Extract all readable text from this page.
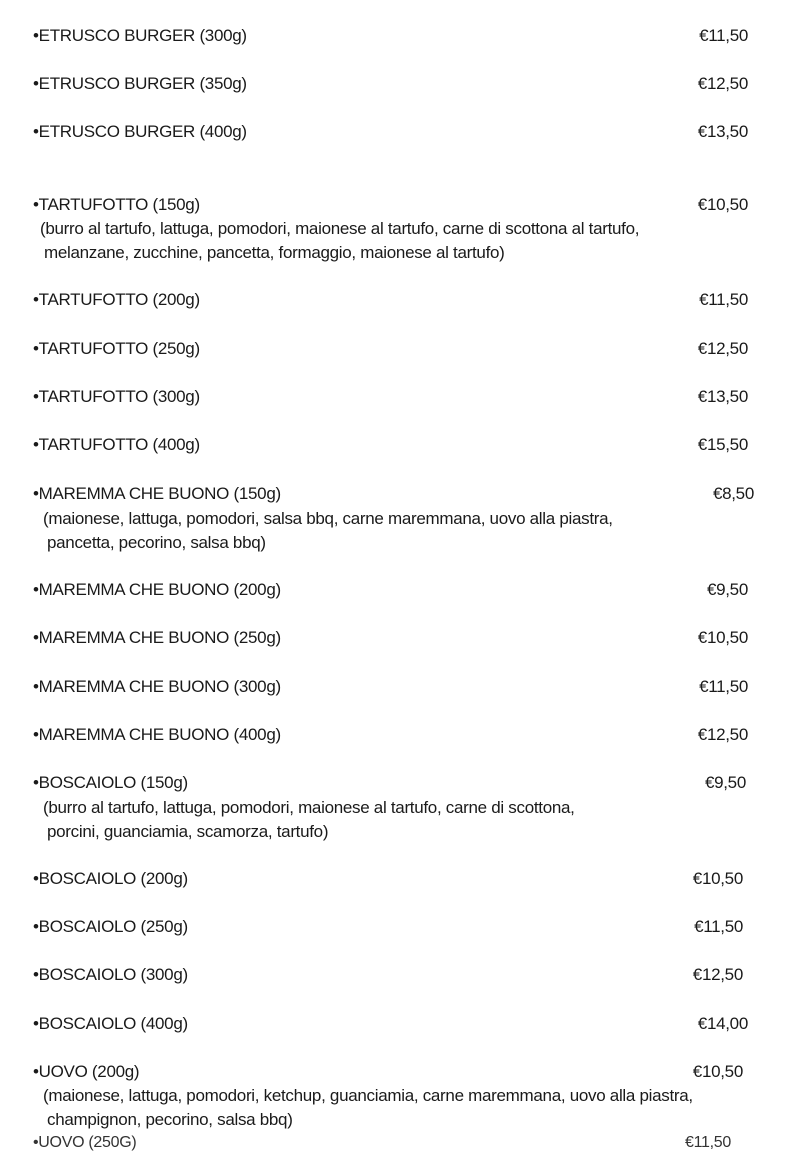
•ETRUSCO BURGER (300g)	€11,50
•ETRUSCO BURGER (350g)	€12,50
•ETRUSCO BURGER (400g)	€13,50
•TARTUFOTTO (150g)	€10,50
(burro al tartufo, lattuga, pomodori, maionese al tartufo, carne di scottona al tartufo,
melanzane, zucchine, pancetta, formaggio, maionese al tartufo)
•TARTUFOTTO (200g)	€11,50
•TARTUFOTTO (250g)	€12,50
•TARTUFOTTO (300g)	€13,50
•TARTUFOTTO (400g)	€15,50
•MAREMMA CHE BUONO (150g)	€8,50
(maionese, lattuga, pomodori, salsa bbq, carne maremmana, uovo alla piastra,
pancetta, pecorino, salsa bbq)
•MAREMMA CHE BUONO (200g)	€9,50
•MAREMMA CHE BUONO (250g)	€10,50
•MAREMMA CHE BUONO (300g)	€11,50
•MAREMMA CHE BUONO (400g)	€12,50
•BOSCAIOLO (150g)	€9,50
(burro al tartufo, lattuga, pomodori, maionese al tartufo, carne di scottona,
porcini, guanciamia, scamorza, tartufo)
•BOSCAIOLO (200g)	€10,50
•BOSCAIOLO (250g)	€11,50
•BOSCAIOLO (300g)	€12,50
•BOSCAIOLO (400g)	€14,00
•UOVO (200g)	€10,50
(maionese, lattuga, pomodori, ketchup, guanciamia, carne maremmana, uovo alla piastra,
champignon, pecorino, salsa bbq)
•UOVO (250G)	€11,50
